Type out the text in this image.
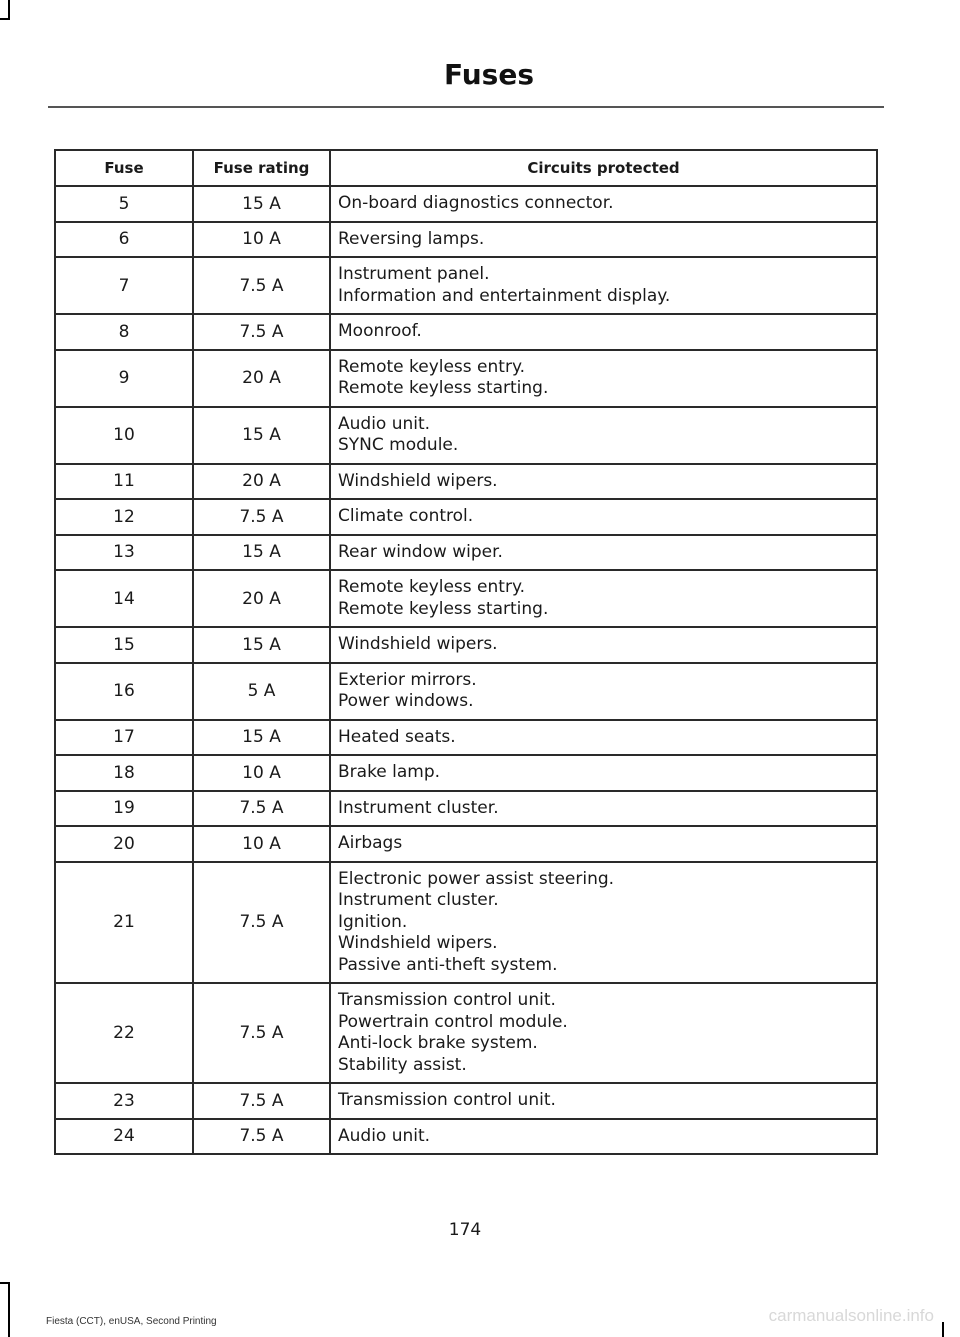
Fuses
Fuse	Fuse rating	Circuits protected
5	15 A	On-board diagnostics connector.

6	10 A	Reversing lamps.

7	7.5 A	Instrument panel.
Information and entertainment display.

8	7.5 A	Moonroof.

9	20 A	Remote keyless entry.
Remote keyless starting.

10	15 A	Audio unit.
SYNC module.

11	20 A	Windshield wipers.

12	7.5 A	Climate control.

13	15 A	Rear window wiper.

14	20 A	Remote keyless entry.
Remote keyless starting.

15	15 A	Windshield wipers.

16	5 A	Exterior mirrors.
Power windows.

17	15 A	Heated seats.

18	10 A	Brake lamp.

19	7.5 A	Instrument cluster.

20	10 A	Airbags

21	7.5 A	Electronic power assist steering.
Instrument cluster.
Ignition.
Windshield wipers.
Passive anti-theft system.

22	7.5 A	Transmission control unit.
Powertrain control module.
Anti-lock brake system.
Stability assist.

23	7.5 A	Transmission control unit.

24	7.5 A	Audio unit.
174
Fiesta (CCT), enUSA, Second Printing	carmanualsonline.info
